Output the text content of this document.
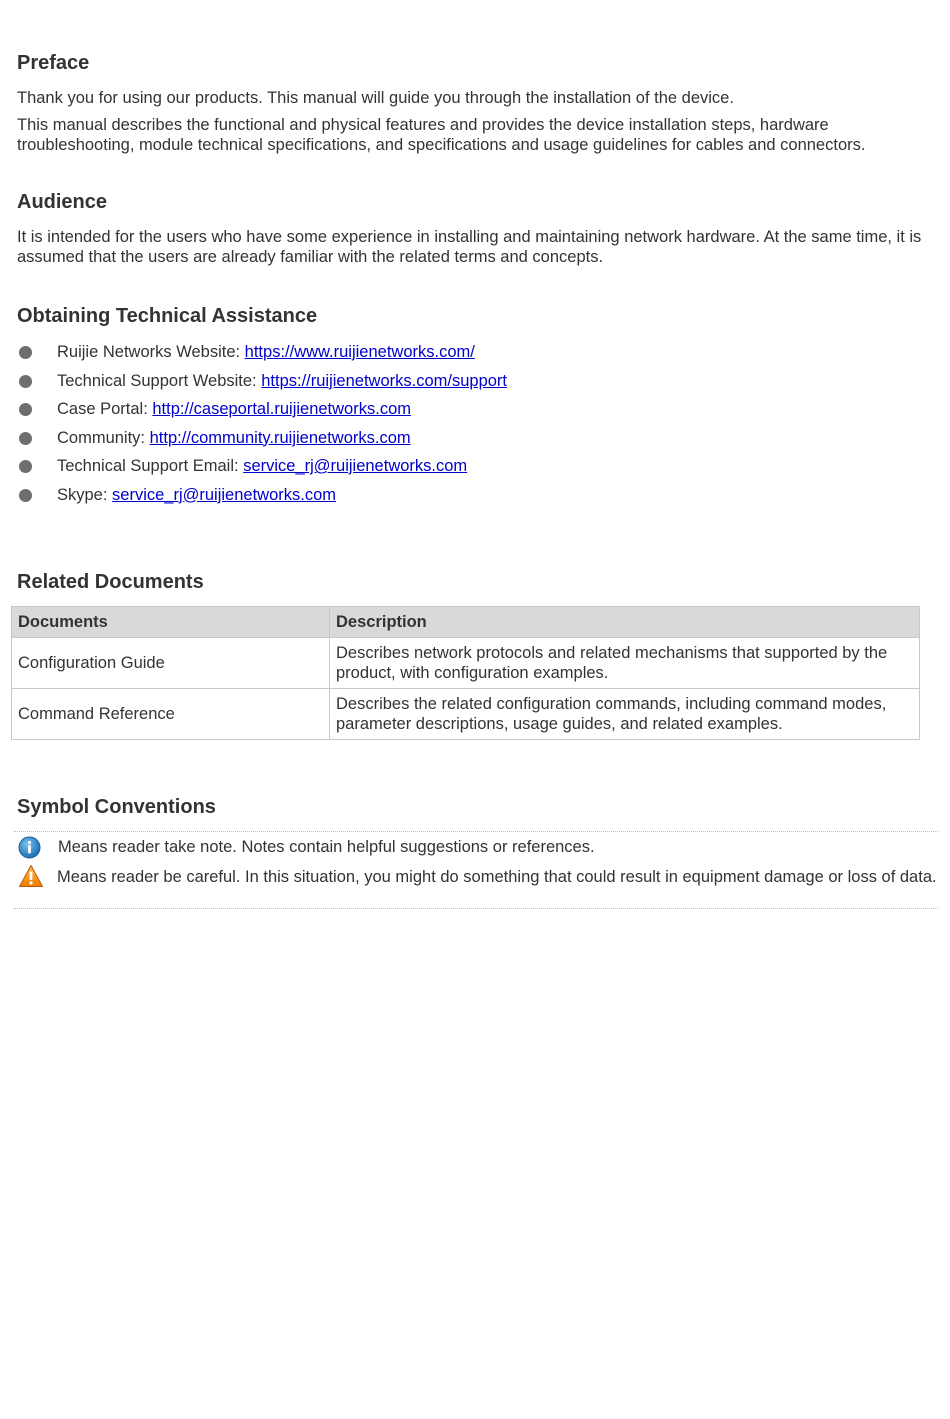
Preface

Thank you for using our products. This manual will guide you through the installation of the device.

This manual describes the functional and physical features and provides the device installation steps, hardware troubleshooting, module technical specifications, and specifications and usage guidelines for cables and connectors.

Audience

It is intended for the users who have some experience in installing and maintaining network hardware. At the same time, it is assumed that the users are already familiar with the related terms and concepts.

Obtaining Technical Assistance
Ruijie Networks Website: https://www.ruijienetworks.com/
Technical Support Website: https://ruijienetworks.com/support
Case Portal: http://caseportal.ruijienetworks.com
Community: http://community.ruijienetworks.com
Technical Support Email: service_rj@ruijienetworks.com
Skype: service_rj@ruijienetworks.com
Related Documents
Documents	Description
Configuration Guide	Describes network protocols and related mechanisms that supported by the product, with configuration examples.
Command Reference	Describes the related configuration commands, including command modes, parameter descriptions, usage guides, and related examples.
Symbol Conventions
Means reader take note. Notes contain helpful suggestions or references.
Means reader be careful. In this situation, you might do something that could result in equipment damage or loss of data.
